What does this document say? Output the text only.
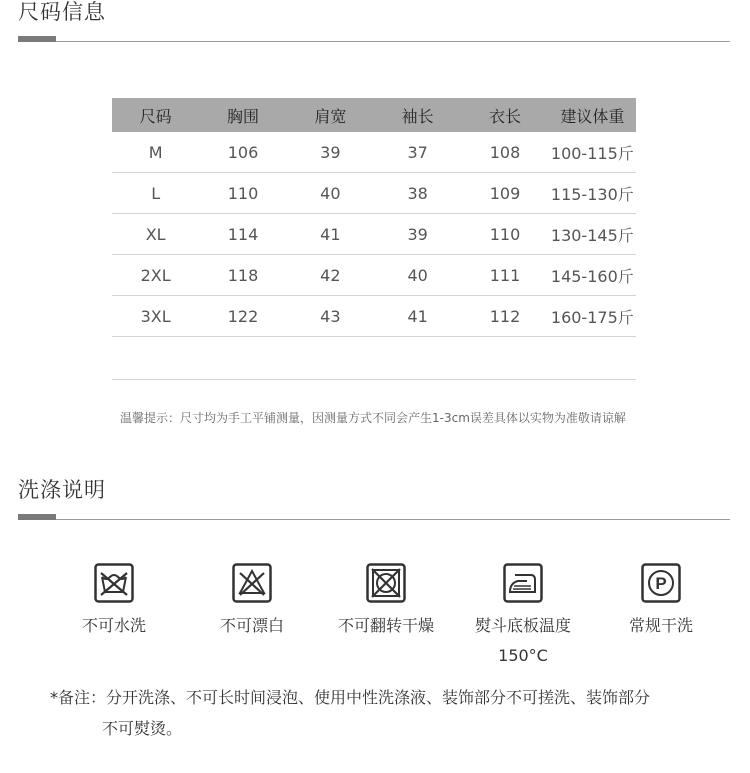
尺码信息
尺码	胸围	肩宽	袖长	衣长	建议体重
M	106	39	37	108	100-115斤
L	110	40	38	109	115-130斤
XL	114	41	39	110	130-145斤
2XL	118	42	40	111	145-160斤
3XL	122	43	41	112	160-175斤

温馨提示：尺寸均为手工平铺测量，因测量方式不同会产生1-3cm误差具体以实物为准敬请谅解

洗涤说明
不可水洗	不可漂白	不可翻转干燥	熨斗底板温度
150°C
P
常规干洗

*备注：分开洗涤、不可长时间浸泡、使用中性洗涤液、装饰部分不可搓洗、装饰部分
不可熨烫。
